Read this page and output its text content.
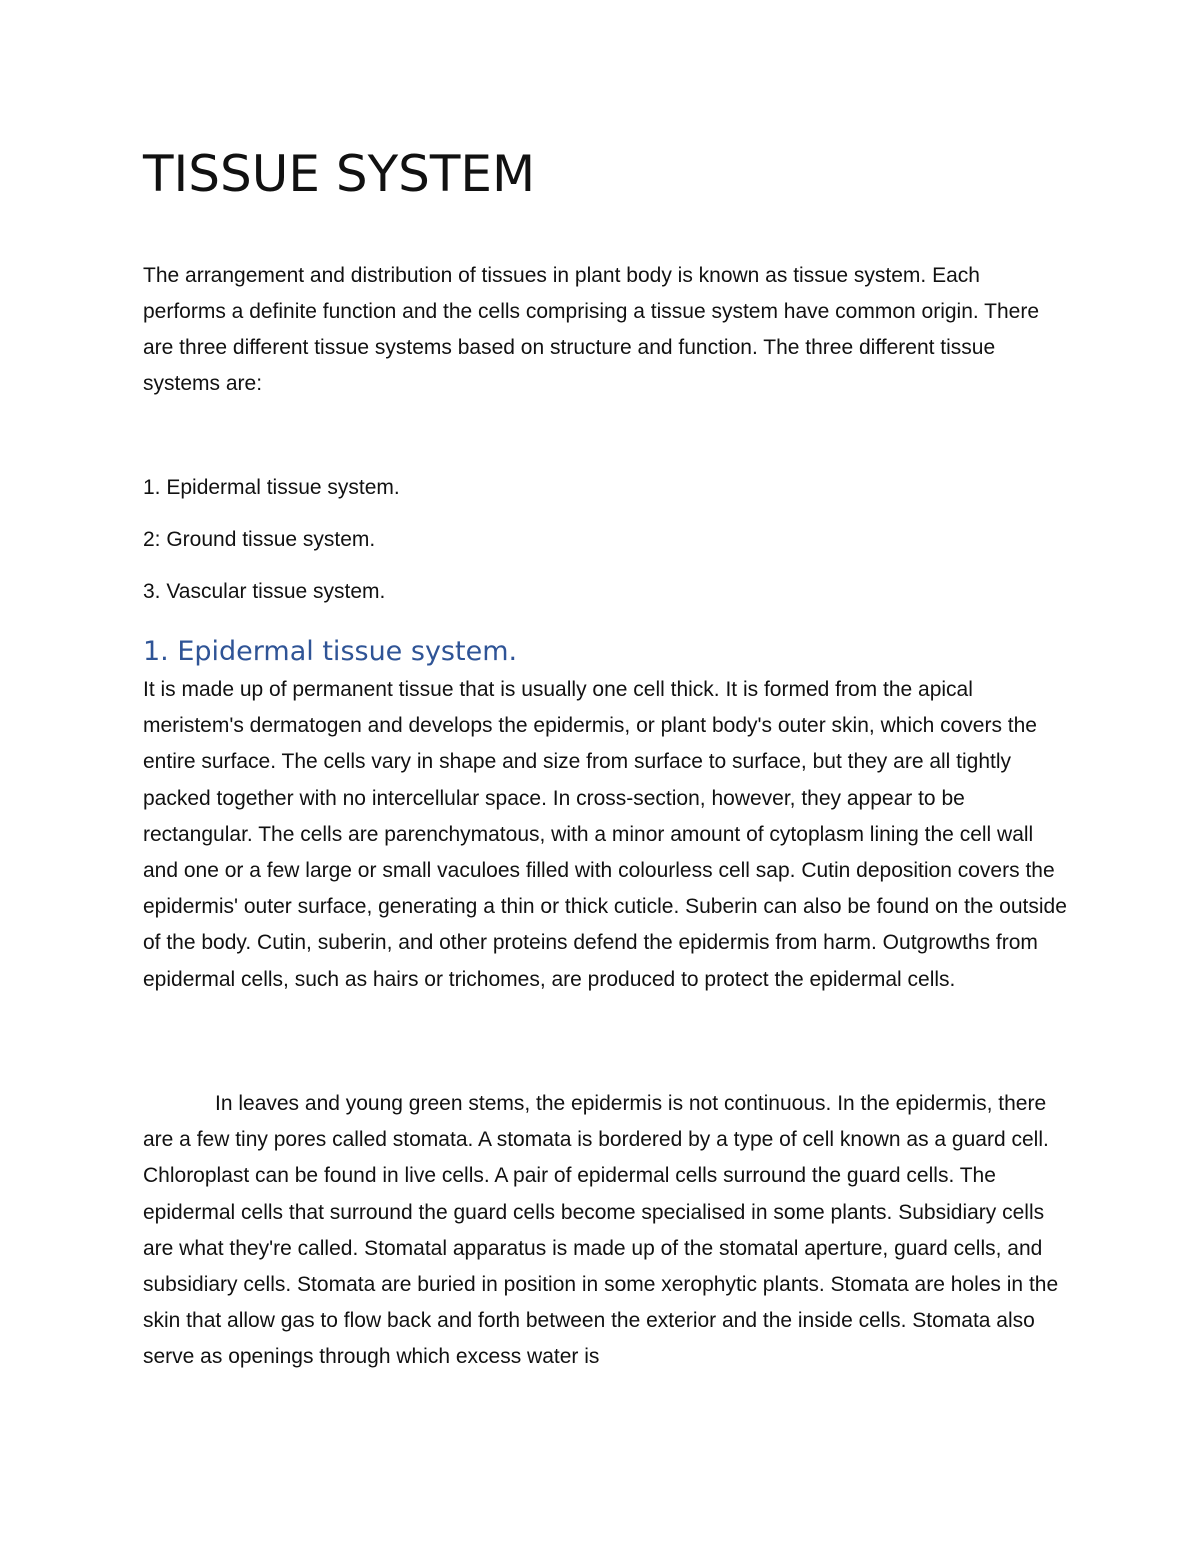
TISSUE SYSTEM

The arrangement and distribution of tissues in plant body is known as tissue system. Each performs a definite function and the cells comprising a tissue system have common origin. There are three different tissue systems based on structure and function. The three different tissue systems are:

1. Epidermal tissue system.
2: Ground tissue system.
3. Vascular tissue system.
1. Epidermal tissue system.

It is made up of permanent tissue that is usually one cell thick. It is formed from the apical meristem's dermatogen and develops the epidermis, or plant body's outer skin, which covers the entire surface. The cells vary in shape and size from surface to surface, but they are all tightly packed together with no intercellular space. In cross-section, however, they appear to be rectangular. The cells are parenchymatous, with a minor amount of cytoplasm lining the cell wall and one or a few large or small vaculoes filled with colourless cell sap. Cutin deposition covers the epidermis' outer surface, generating a thin or thick cuticle. Suberin can also be found on the outside of the body. Cutin, suberin, and other proteins defend the epidermis from harm. Outgrowths from epidermal cells, such as hairs or trichomes, are produced to protect the epidermal cells.

In leaves and young green stems, the epidermis is not continuous. In the epidermis, there are a few tiny pores called stomata. A stomata is bordered by a type of cell known as a guard cell. Chloroplast can be found in live cells. A pair of epidermal cells surround the guard cells. The epidermal cells that surround the guard cells become specialised in some plants. Subsidiary cells are what they're called. Stomatal apparatus is made up of the stomatal aperture, guard cells, and subsidiary cells. Stomata are buried in position in some xerophytic plants. Stomata are holes in the skin that allow gas to flow back and forth between the exterior and the inside cells. Stomata also serve as openings through which excess water is
